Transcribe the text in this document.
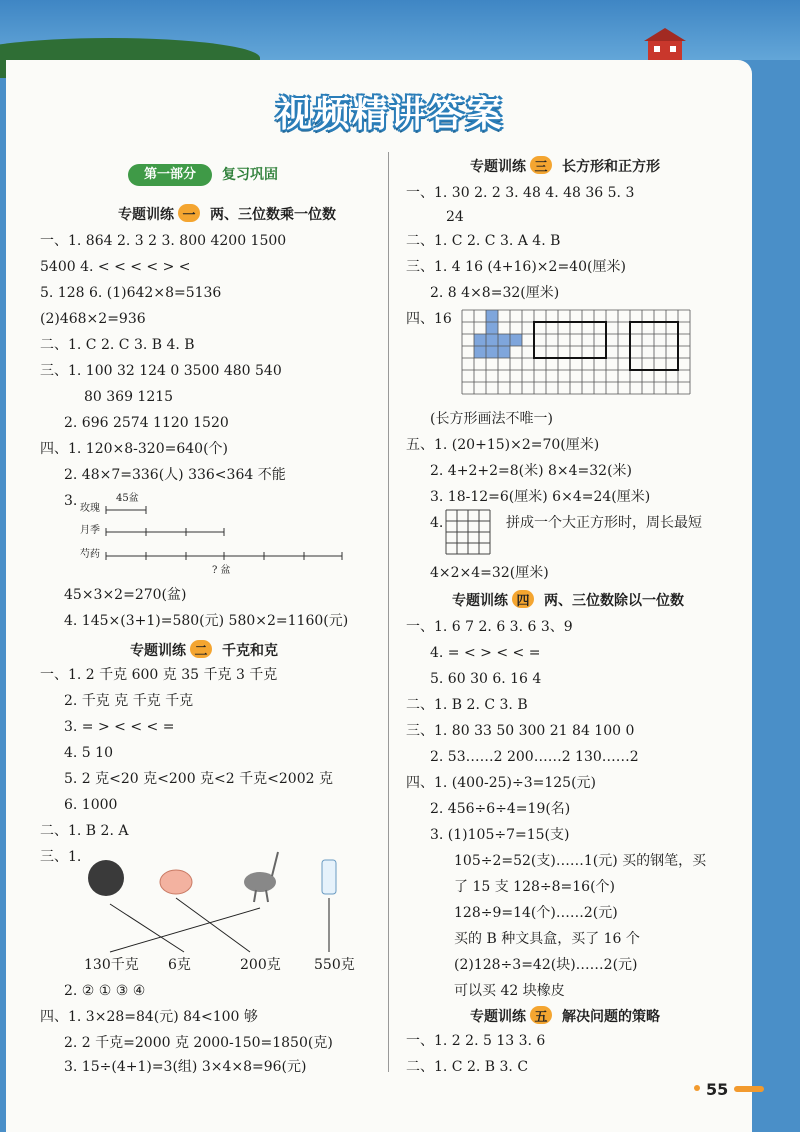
视频精讲答案
第一部分	复习巩固
专题训练 一 两、三位数乘一位数
一、1. 864 2. 3 2 3. 800 4200 1500
5400 4. < < < < > <
5. 128 6. (1)642×8=5136
(2)468×2=936
二、1. C 2. C 3. B 4. B
三、1. 100 32 124 0 3500 480 540
80 369 1215
2. 696 2574 1120 1520
四、1. 120×8-320=640(个)
2. 48×7=336(人) 336<364 不能
3. 玫瑰
45盆
月季
芍药
? 盆
45×3×2=270(盆)
4. 145×(3+1)=580(元) 580×2=1160(元)
专题训练 二 千克和克
一、1. 2 千克 600 克 35 千克 3 千克
2. 千克 克 千克 千克
3. = > < < < =
4. 5 10
5. 2 克<20 克<200 克<2 千克<2002 克
6. 1000
二、1. B 2. A
三、1.
130千克 6克	200克 550克
2. ② ① ③ ④
四、1. 3×28=84(元) 84<100 够
2. 2 千克=2000 克 2000-150=1850(克)
3. 15÷(4+1)=3(组) 3×4×8=96(元)
专题训练 三 长方形和正方形
一、1. 30 2. 2 3. 48 4. 48 36 5. 3
24
二、1. C 2. C 3. A 4. B
三、1. 4 16 (4+16)×2=40(厘米)
2. 8 4×8=32(厘米)
四、16
(长方形画法不唯一)
五、1. (20+15)×2=70(厘米)
2. 4+2+2=8(米) 8×4=32(米)
3. 18-12=6(厘米) 6×4=24(厘米)
4.	拼成一个大正方形时，周长最短
4×2×4=32(厘米)
专题训练 四 两、三位数除以一位数
一、1. 6 7 2. 6 3. 6 3、9
4. = < > < < =
5. 60 30 6. 16 4
二、1. B 2. C 3. B
三、1. 80 33 50 300 21 84 100 0
2. 53……2 200……2 130……2
四、1. (400-25)÷3=125(元)
2. 456÷6÷4=19(名)
3. (1)105÷7=15(支)
105÷2=52(支)……1(元) 买的钢笔，买
了 15 支 128÷8=16(个)
128÷9=14(个)……2(元)
买的 B 种文具盒，买了 16 个
(2)128÷3=42(块)……2(元)
可以买 42 块橡皮
专题训练 五 解决问题的策略
一、1. 2 2. 5 13 3. 6
二、1. C 2. B 3. C
55
